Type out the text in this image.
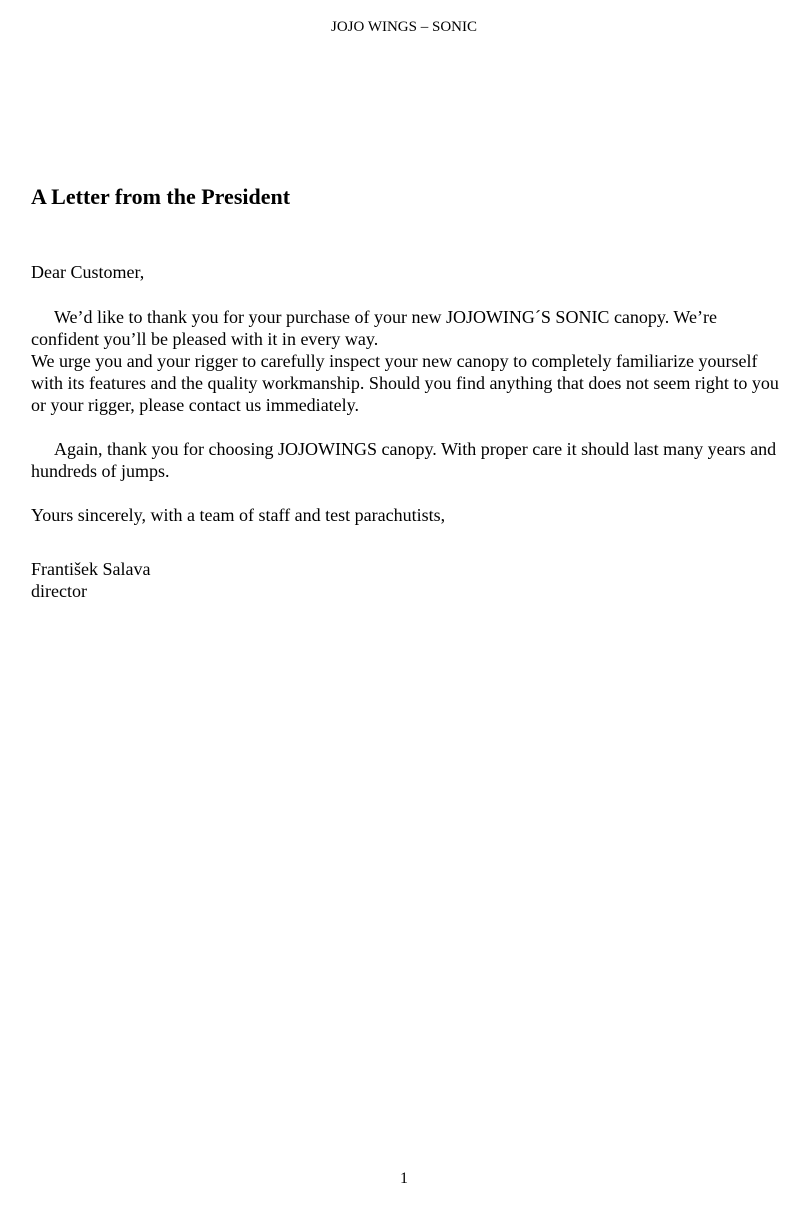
JOJO WINGS – SONIC
A Letter from the President

Dear Customer,

We’d like to thank you for your purchase of your new JOJOWING´S SONIC canopy. We’re confident you’ll be pleased with it in every way.

We urge you and your rigger to carefully inspect your new canopy to completely familiarize yourself with its features and the quality workmanship. Should you find anything that does not seem right to you or your rigger, please contact us immediately.

Again, thank you for choosing JOJOWINGS canopy. With proper care it should last many years and hundreds of jumps.

Yours sincerely, with a team of staff and test parachutists,

František Salava

director

1
